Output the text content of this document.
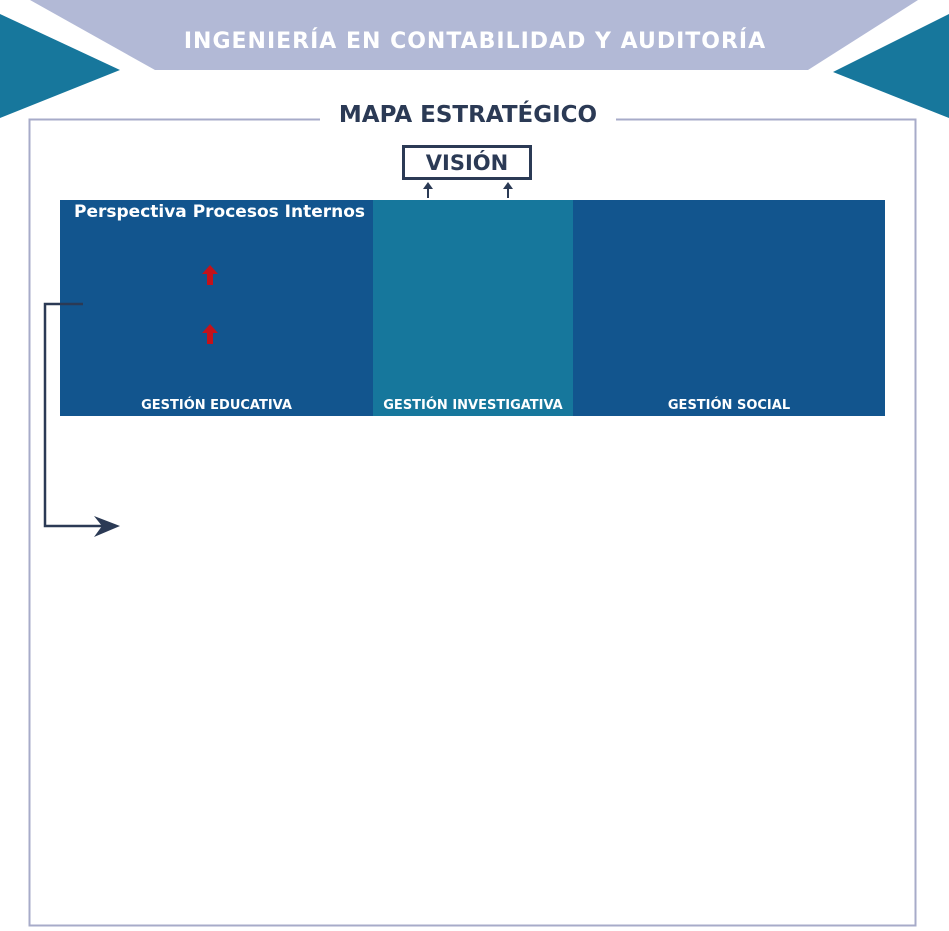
INGENIERÍA EN CONTABILIDAD Y AUDITORÍA
MAPA ESTRATÉGICO
Perspectiva Procesos Internos
GESTIÓN EDUCATIVA	GESTIÓN INVESTIGATIVA	GESTIÓN SOCIAL
VISIÓN
